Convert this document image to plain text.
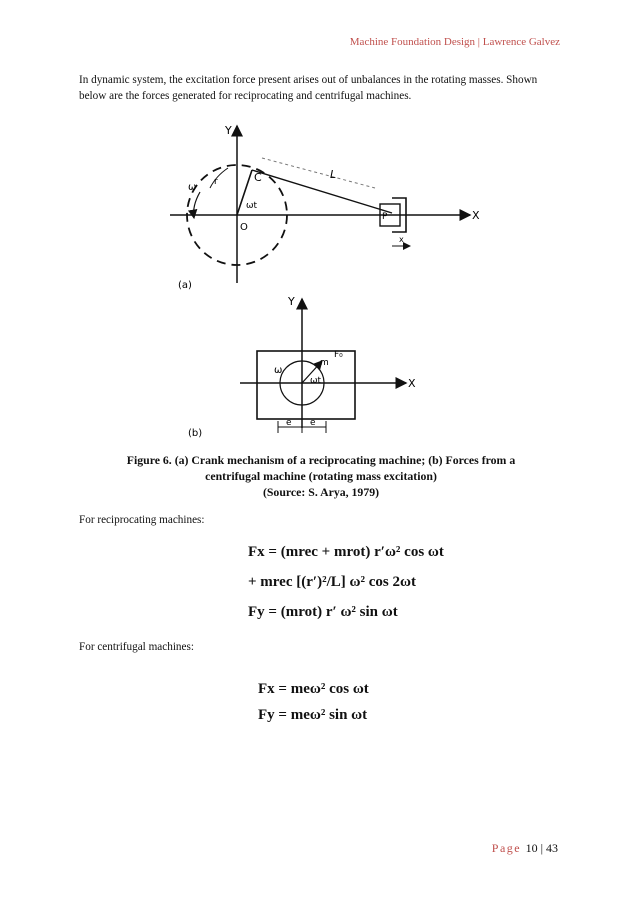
Machine Foundation Design | Lawrence Galvez
In dynamic system, the excitation force present arises out of unbalances in the rotating masses. Shown below are the forces generated for reciprocating and centrifugal machines.
Y
X
C
O
ωt
r
ω
L
P
x
(a)
Y
X
m
F₀
ωt
ω
e e
(b)
Figure 6. (a) Crank mechanism of a reciprocating machine; (b) Forces from a
centrifugal machine (rotating mass excitation)
(Source: S. Arya, 1979)
For reciprocating machines:
Fx = (mrec + mrot) r′ω² cos ωt
+ mrec [(r′)²/L] ω² cos 2ωt
Fy = (mrot) r′ ω² sin ωt
For centrifugal machines:
Fx = meω² cos ωt
Fy = meω² sin ωt
Page 10 | 43
